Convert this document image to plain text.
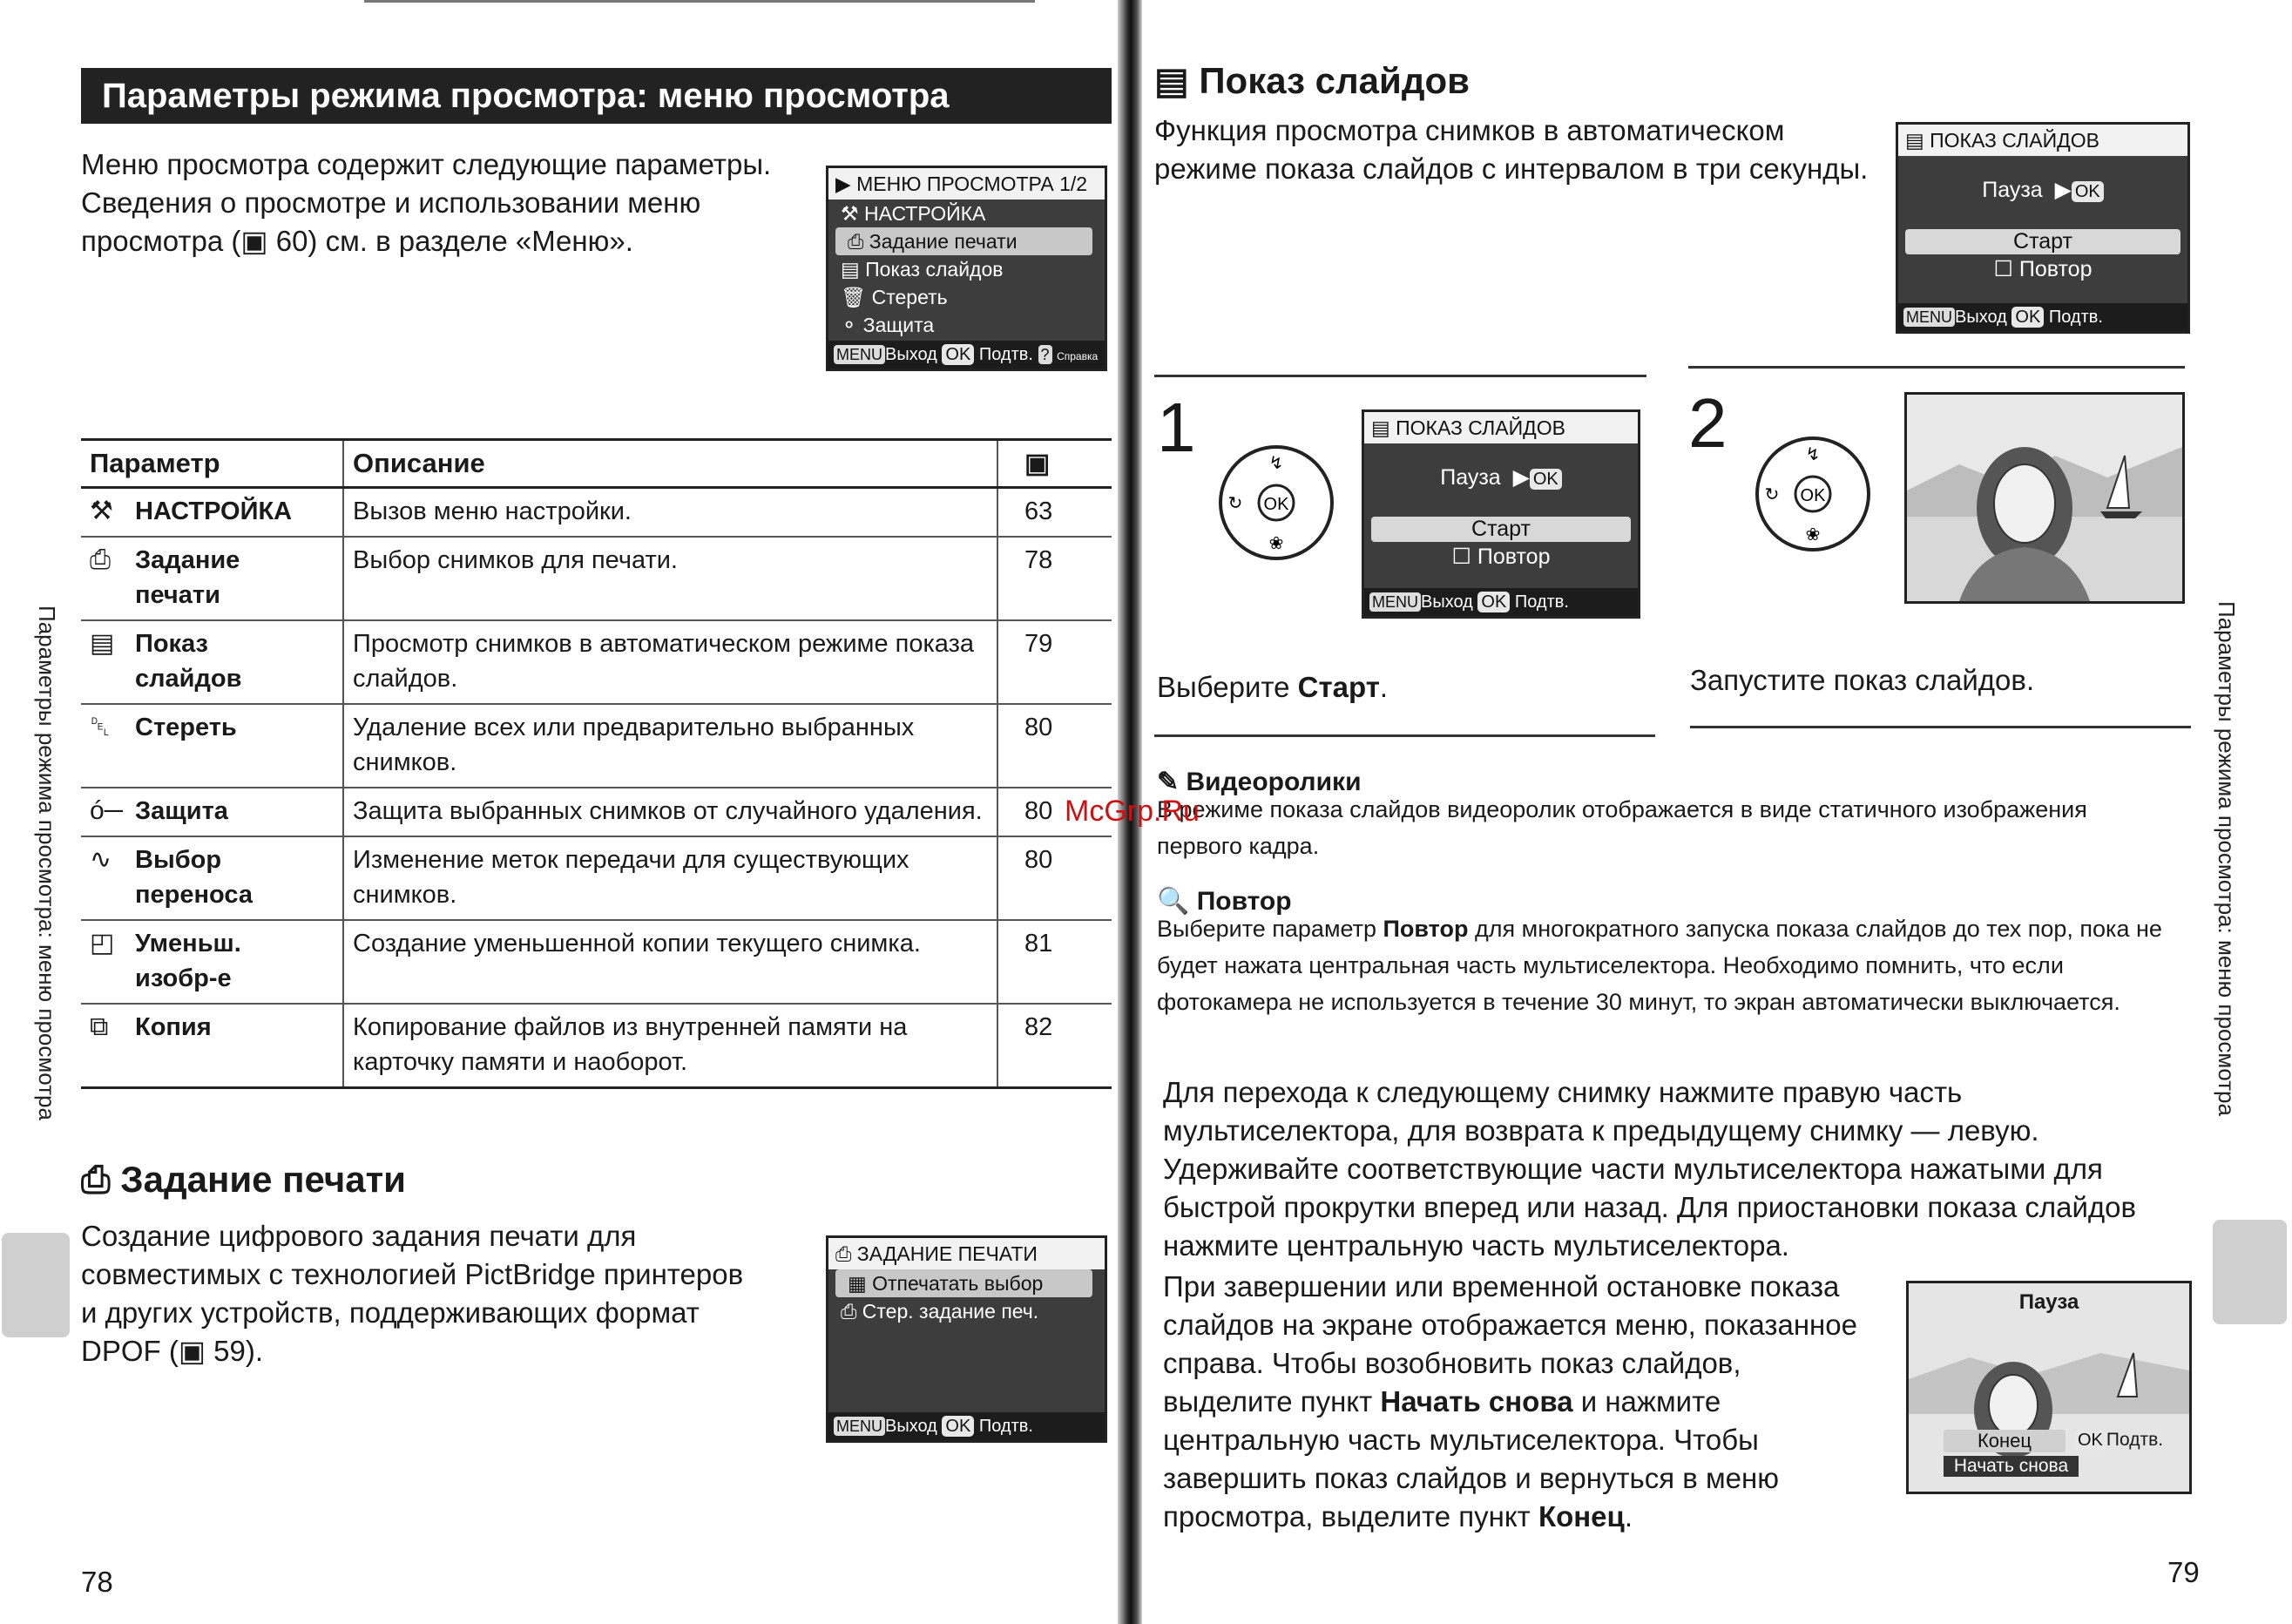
Параметры режима просмотра: меню просмотра
Меню просмотра содержит следующие параметры. Сведения о просмотре и использовании меню просмотра (▣ 60) см. в разделе «Меню».
▶ МЕНЮ ПРОСМОТРА 1/2
⚒ НАСТРОЙКА
⎙ Задание печати
▤ Показ слайдов
🗑 Стереть
⚬ Защита
MENU Выход OK Подтв. ? Справка
Параметр	Описание	▣
⚒ НАСТРОЙКА	Вызов меню настройки.	63
⎙ Задание печати	Выбор снимков для печати.	78
▤ Показ слайдов	Просмотр снимков в автоматическом режиме показа слайдов.	79
␡ Стереть	Удаление всех или предварительно выбранных снимков.	80
ó─ Защита	Защита выбранных снимков от случайного удаления.	80
∿ Выбор переноса	Изменение меток передачи для существующих снимков.	80
◰ Уменьш. изобр-е	Создание уменьшенной копии текущего снимка.	81
⧉ Копия	Копирование файлов из внутренней памяти на карточку памяти и наоборот.	82
⎙ Задание печати
Создание цифрового задания печати для совместимых с технологией PictBridge принтеров и других устройств, поддерживающих формат DPOF (▣ 59).
⎙ ЗАДАНИЕ ПЕЧАТИ
▦ Отпечатать выбор
⎙ Стер. задание печ.
MENU Выход OK Подтв.
Параметры режима просмотра: меню просмотра
78
▤ Показ слайдов
Функция просмотра снимков в автоматическом режиме показа слайдов с интервалом в три секунды.
▤ ПОКАЗ СЛАЙДОВ
Пауза  ▶ OK
Старт
☐ Повтор
MENU Выход OK Подтв.
1
OK
↯
❀
↻
▤ ПОКАЗ СЛАЙДОВ
Пауза  ▶ OK
Старт
☐ Повтор
MENU Выход OK Подтв.
Выберите Старт.
2
OK
↯
❀
↻
Запустите показ слайдов.
✎ Видеоролики
В режиме показа слайдов видеоролик отображается в виде статичного изображения первого кадра.
McGrp.Ru
🔍 Повтор
Выберите параметр Повтор для многократного запуска показа слайдов до тех пор, пока не будет нажата центральная часть мультиселектора. Необходимо помнить, что если фотокамера не используется в течение 30 минут, то экран автоматически выключается.
Для перехода к следующему снимку нажмите правую часть мультиселектора, для возврата к предыдущему снимку — левую. Удерживайте соответствующие части мультиселектора нажатыми для быстрой прокрутки вперед или назад. Для приостановки показа слайдов нажмите центральную часть мультиселектора.
При завершении или временной остановке показа слайдов на экране отображается меню, показанное справа. Чтобы возобновить показ слайдов, выделите пункт Начать снова и нажмите центральную часть мультиселектора. Чтобы завершить показ слайдов и вернуться в меню просмотра, выделите пункт Конец.
Пауза
Конец	OK Подтв.
Начать снова
Параметры режима просмотра: меню просмотра
79
